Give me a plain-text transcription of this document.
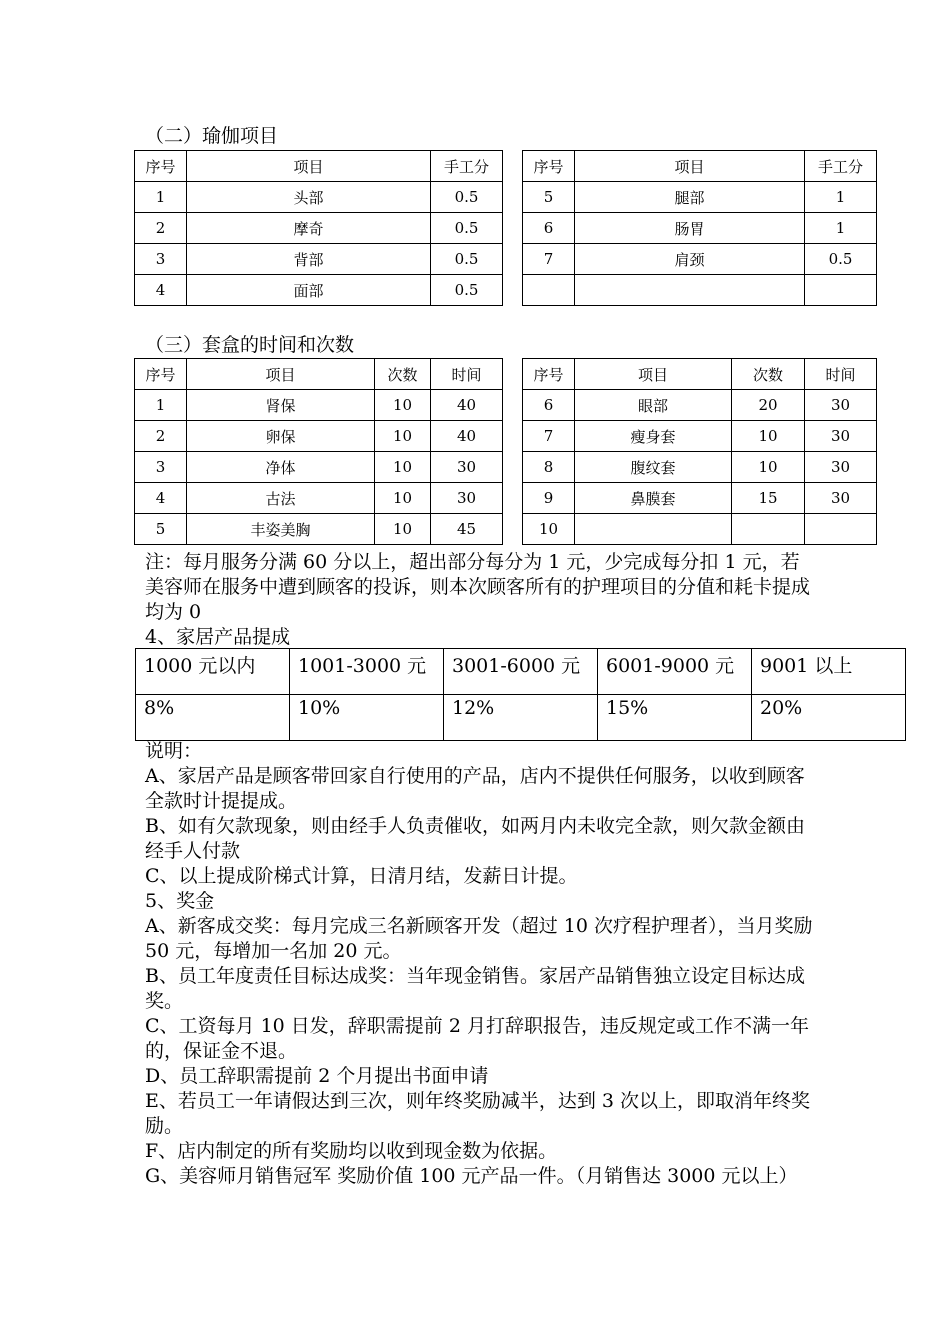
（二）瑜伽项目
序号	项目	手工分		序号	项目	手工分
1	头部	0.5		5	腿部	1
2	摩奇	0.5		6	肠胃	1
3	背部	0.5		7	肩颈	0.5
4	面部	0.5				
（三）套盒的时间和次数
序号	项目	次数	时间		序号	项目	次数	时间
1	肾保	10	40		6	眼部	20	30
2	卵保	10	40		7	瘦身套	10	30
3	净体	10	30		8	腹纹套	10	30
4	古法	10	30		9	鼻膜套	15	30
5	丰姿美胸	10	45		10			

注：每月服务分满 60 分以上，超出部分每分为 1 元，少完成每分扣 1 元，若美容师在服务中遭到顾客的投诉，则本次顾客所有的护理项目的分值和耗卡提成均为 0

4、家居产品提成

1000 元以内	1001-3000 元	3001-6000 元	6001-9000 元	9001 以上
8%	10%	12%	15%	20%

说明：

A、家居产品是顾客带回家自行使用的产品，店内不提供任何服务，以收到顾客全款时计提提成。

B、如有欠款现象，则由经手人负责催收，如两月内未收完全款，则欠款金额由经手人付款

C、以上提成阶梯式计算，日清月结，发薪日计提。

5、奖金

A、新客成交奖：每月完成三名新顾客开发（超过 10 次疗程护理者），当月奖励 50 元，每增加一名加 20 元。

B、员工年度责任目标达成奖：当年现金销售。家居产品销售独立设定目标达成奖。

C、工资每月 10 日发，辞职需提前 2 月打辞职报告，违反规定或工作不满一年的，保证金不退。

D、员工辞职需提前 2 个月提出书面申请

E、若员工一年请假达到三次，则年终奖励减半，达到 3 次以上，即取消年终奖励。

F、店内制定的所有奖励均以收到现金数为依据。

G、美容师月销售冠军 奖励价值 100 元产品一件。（月销售达 3000 元以上）
